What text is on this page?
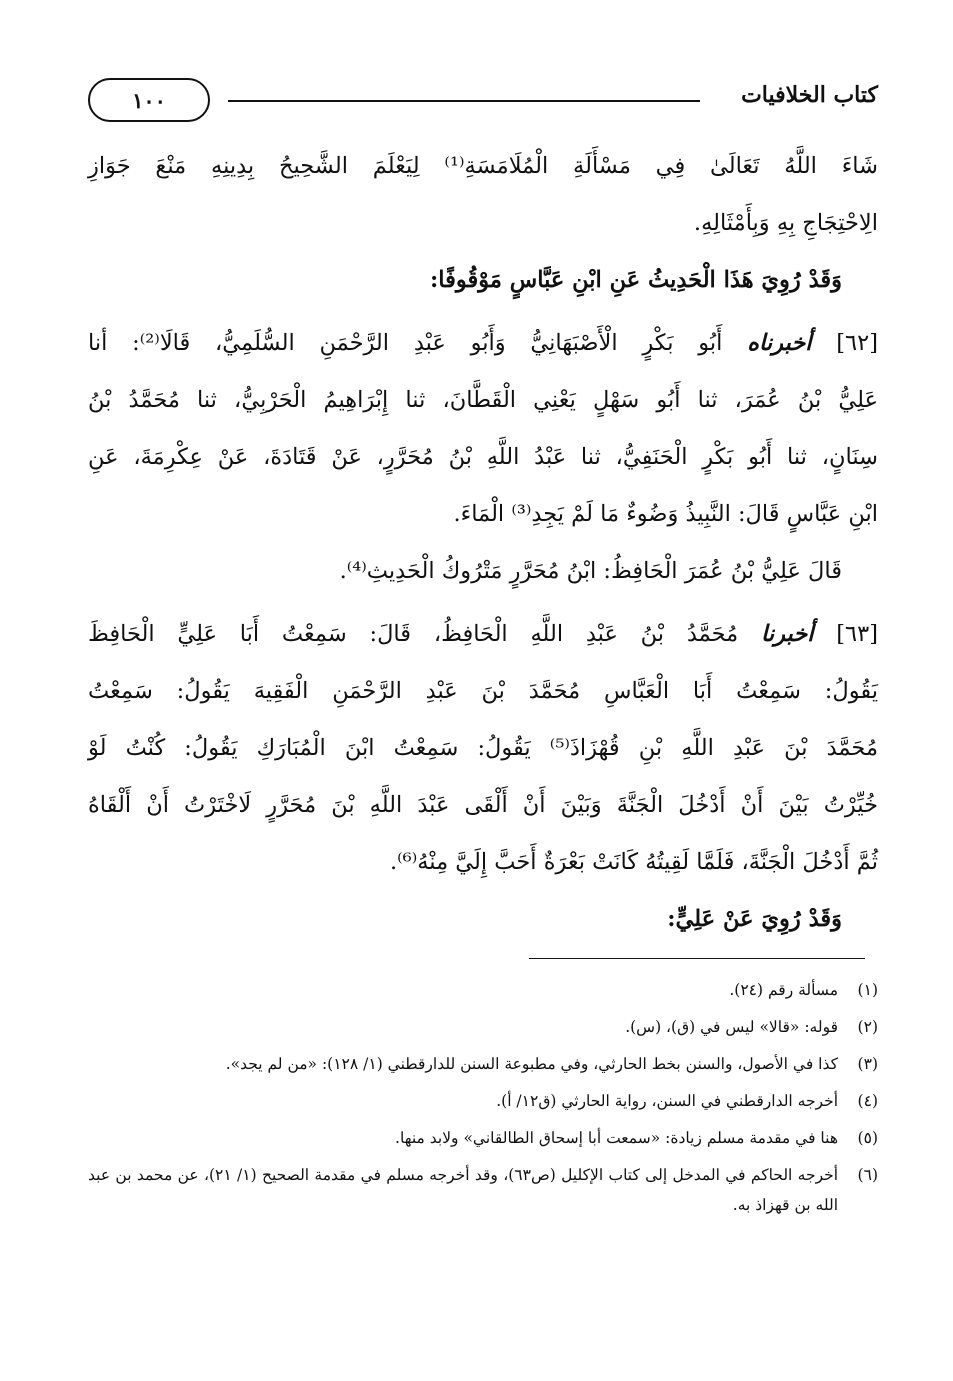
كتاب الخلافيات
١٠٠
شَاءَ اللَّهُ تَعَالَىٰ فِي مَسْأَلَةِ الْمُلَامَسَةِ⁽¹⁾ لِيَعْلَمَ الشَّحِيحُ بِدِينِهِ مَنْعَ جَوَازِ
الِاحْتِجَاجِ بِهِ وَبِأَمْثَالِهِ.
وَقَدْ رُوِيَ هَذَا الْحَدِيثُ عَنِ ابْنِ عَبَّاسٍ مَوْقُوفًا:
[٦٢] أخبرناه أَبُو بَكْرٍ الْأَصْبَهَانِيُّ وَأَبُو عَبْدِ الرَّحْمَنِ السُّلَمِيُّ، قَالَا⁽²⁾: أنا
عَلِيُّ بْنُ عُمَرَ، ثنا أَبُو سَهْلٍ يَعْنِي الْقَطَّانَ، ثنا إِبْرَاهِيمُ الْحَرْبِيُّ، ثنا مُحَمَّدُ بْنُ
سِنَانٍ، ثنا أَبُو بَكْرٍ الْحَنَفِيُّ، ثنا عَبْدُ اللَّهِ بْنُ مُحَرَّرٍ، عَنْ قَتَادَةَ، عَنْ عِكْرِمَةَ، عَنِ
ابْنِ عَبَّاسٍ قَالَ: النَّبِيذُ وَضُوءٌ مَا لَمْ يَجِدِ⁽³⁾ الْمَاءَ.
قَالَ عَلِيُّ بْنُ عُمَرَ الْحَافِظُ: ابْنُ مُحَرَّرٍ مَتْرُوكُ الْحَدِيثِ⁽⁴⁾.
[٦٣] أخبرنا مُحَمَّدُ بْنُ عَبْدِ اللَّهِ الْحَافِظُ، قَالَ: سَمِعْتُ أَبَا عَلِيٍّ الْحَافِظَ
يَقُولُ: سَمِعْتُ أَبَا الْعَبَّاسِ مُحَمَّدَ بْنَ عَبْدِ الرَّحْمَنِ الْفَقِيهَ يَقُولُ: سَمِعْتُ
مُحَمَّدَ بْنَ عَبْدِ اللَّهِ بْنِ قُهْزَاذَ⁽⁵⁾ يَقُولُ: سَمِعْتُ ابْنَ الْمُبَارَكِ يَقُولُ: كُنْتُ لَوْ
خُيِّرْتُ بَيْنَ أَنْ أَدْخُلَ الْجَنَّةَ وَبَيْنَ أَنْ أَلْقَى عَبْدَ اللَّهِ بْنَ مُحَرَّرٍ لَاخْتَرْتُ أَنْ أَلْقَاهُ
ثُمَّ أَدْخُلَ الْجَنَّةَ، فَلَمَّا لَقِيتُهُ كَانَتْ بَعْرَةٌ أَحَبَّ إِلَيَّ مِنْهُ⁽⁶⁾.
وَقَدْ رُوِيَ عَنْ عَلِيٍّ:
(١)
مسألة رقم (٢٤).
(٢)
قوله: «قالا» ليس في (ق)، (س).
(٣)
كذا في الأصول، والسنن بخط الحارثي، وفي مطبوعة السنن للدارقطني (١/ ١٢٨): «من لم يجد».
(٤)
أخرجه الدارقطني في السنن، رواية الحارثي (ق١٢/ أ).
(٥)
هنا في مقدمة مسلم زيادة: «سمعت أبا إسحاق الطالقاني» ولابد منها.
(٦)
أخرجه الحاكم في المدخل إلى كتاب الإكليل (ص٦٣)، وقد أخرجه مسلم في مقدمة الصحيح (١/ ٢١)، عن محمد بن عبد الله بن قهزاذ به.
